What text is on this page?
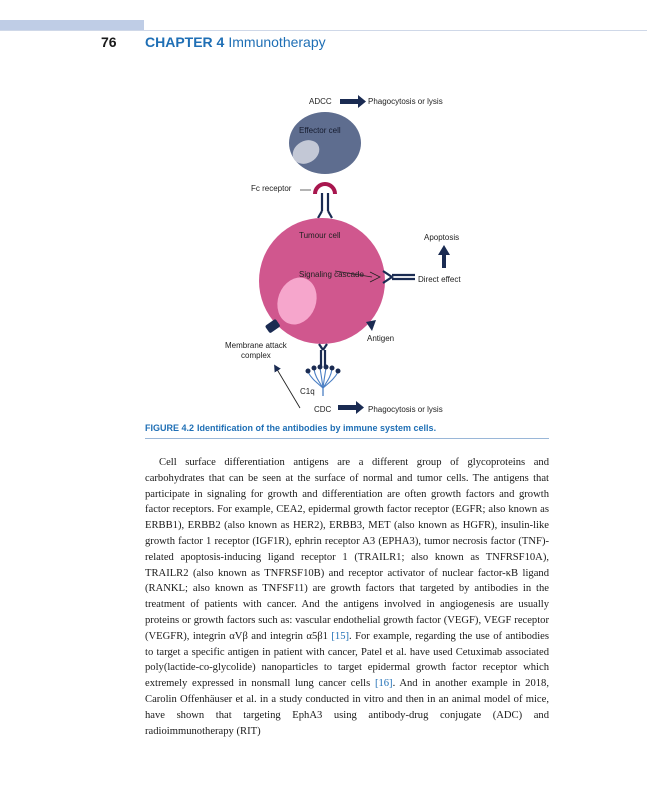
76 CHAPTER 4 Immunotherapy
ADCC	Phagocytosis or lysis
Effector cell
Fc receptor
Tumour cell
Signaling cascade
Apoptosis
Direct effect
Antigen
Membrane attack
complex
C1q
CDC	Phagocytosis or lysis
FIGURE 4.2 Identification of the antibodies by immune system cells.

Cell surface differentiation antigens are a different group of glycoproteins and carbohydrates that can be seen at the surface of normal and tumor cells. The antigens that participate in signaling for growth and differentiation are often growth factors and growth factor receptors. For example, CEA2, epidermal growth factor receptor (EGFR; also known as ERBB1), ERBB2 (also known as HER2), ERBB3, MET (also known as HGFR), insulin-like growth factor 1 receptor (IGF1R), ephrin receptor A3 (EPHA3), tumor necrosis factor (TNF)-related apoptosis-inducing ligand receptor 1 (TRAILR1; also known as TNFRSF10A), TRAILR2 (also known as TNFRSF10B) and receptor activator of nuclear factor-κB ligand (RANKL; also known as TNFSF11) are growth factors that targeted by antibodies in the treatment of patients with cancer. And the antigens involved in angiogenesis are usually proteins or growth factors such as: vascular endothelial growth factor (VEGF), VEGF receptor (VEGFR), integrin αVβ and integrin α5β1 [15]. For example, regarding the use of antibodies to target a specific antigen in patient with cancer, Patel et al. have used Cetuximab associated poly(lactide-co-glycolide) nanoparticles to target epidermal growth factor receptor which extremely expressed in nonsmall lung cancer cells [16]. And in another example in 2018, Carolin Offenhäuser et al. in a study conducted in vitro and then in an animal model of mice, have shown that targeting EphA3 using antibody-drug conjugate (ADC) and radioimmunotherapy (RIT)
